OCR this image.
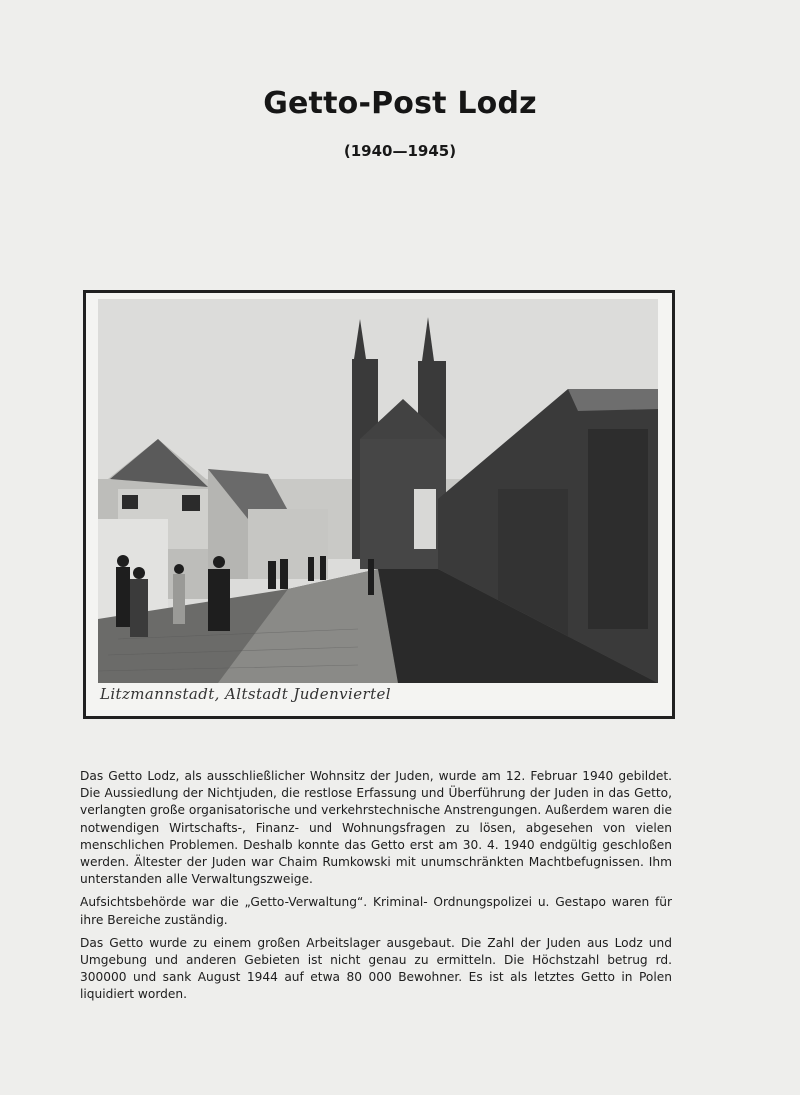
Getto-Post Lodz
(1940—1945)
Litzmannstadt, Altstadt Judenviertel

Das Getto Lodz, als ausschließlicher Wohnsitz der Juden, wurde am 12. Februar 1940 gebildet. Die Aussiedlung der Nichtjuden, die restlose Erfassung und Überführung der Juden in das Getto, verlangten große organisatorische und verkehrstechnische Anstrengungen. Außerdem waren die notwendigen Wirtschafts-, Finanz- und Wohnungsfragen zu lösen, abgesehen von vielen menschlichen Problemen. Deshalb konnte das Getto erst am 30. 4. 1940 endgültig geschloßen werden. Ältester der Juden war Chaim Rumkowski mit unumschränkten Machtbefugnissen. Ihm unterstanden alle Verwaltungszweige.

Aufsichtsbehörde war die „Getto-Verwaltung“. Kriminal- Ordnungspolizei u. Gestapo waren für ihre Bereiche zuständig.

Das Getto wurde zu einem großen Arbeitslager ausgebaut. Die Zahl der Juden aus Lodz und Umgebung und anderen Gebieten ist nicht genau zu ermitteln. Die Höchstzahl betrug rd. 300000 und sank August 1944 auf etwa 80 000 Bewohner. Es ist als letztes Getto in Polen liquidiert worden.
